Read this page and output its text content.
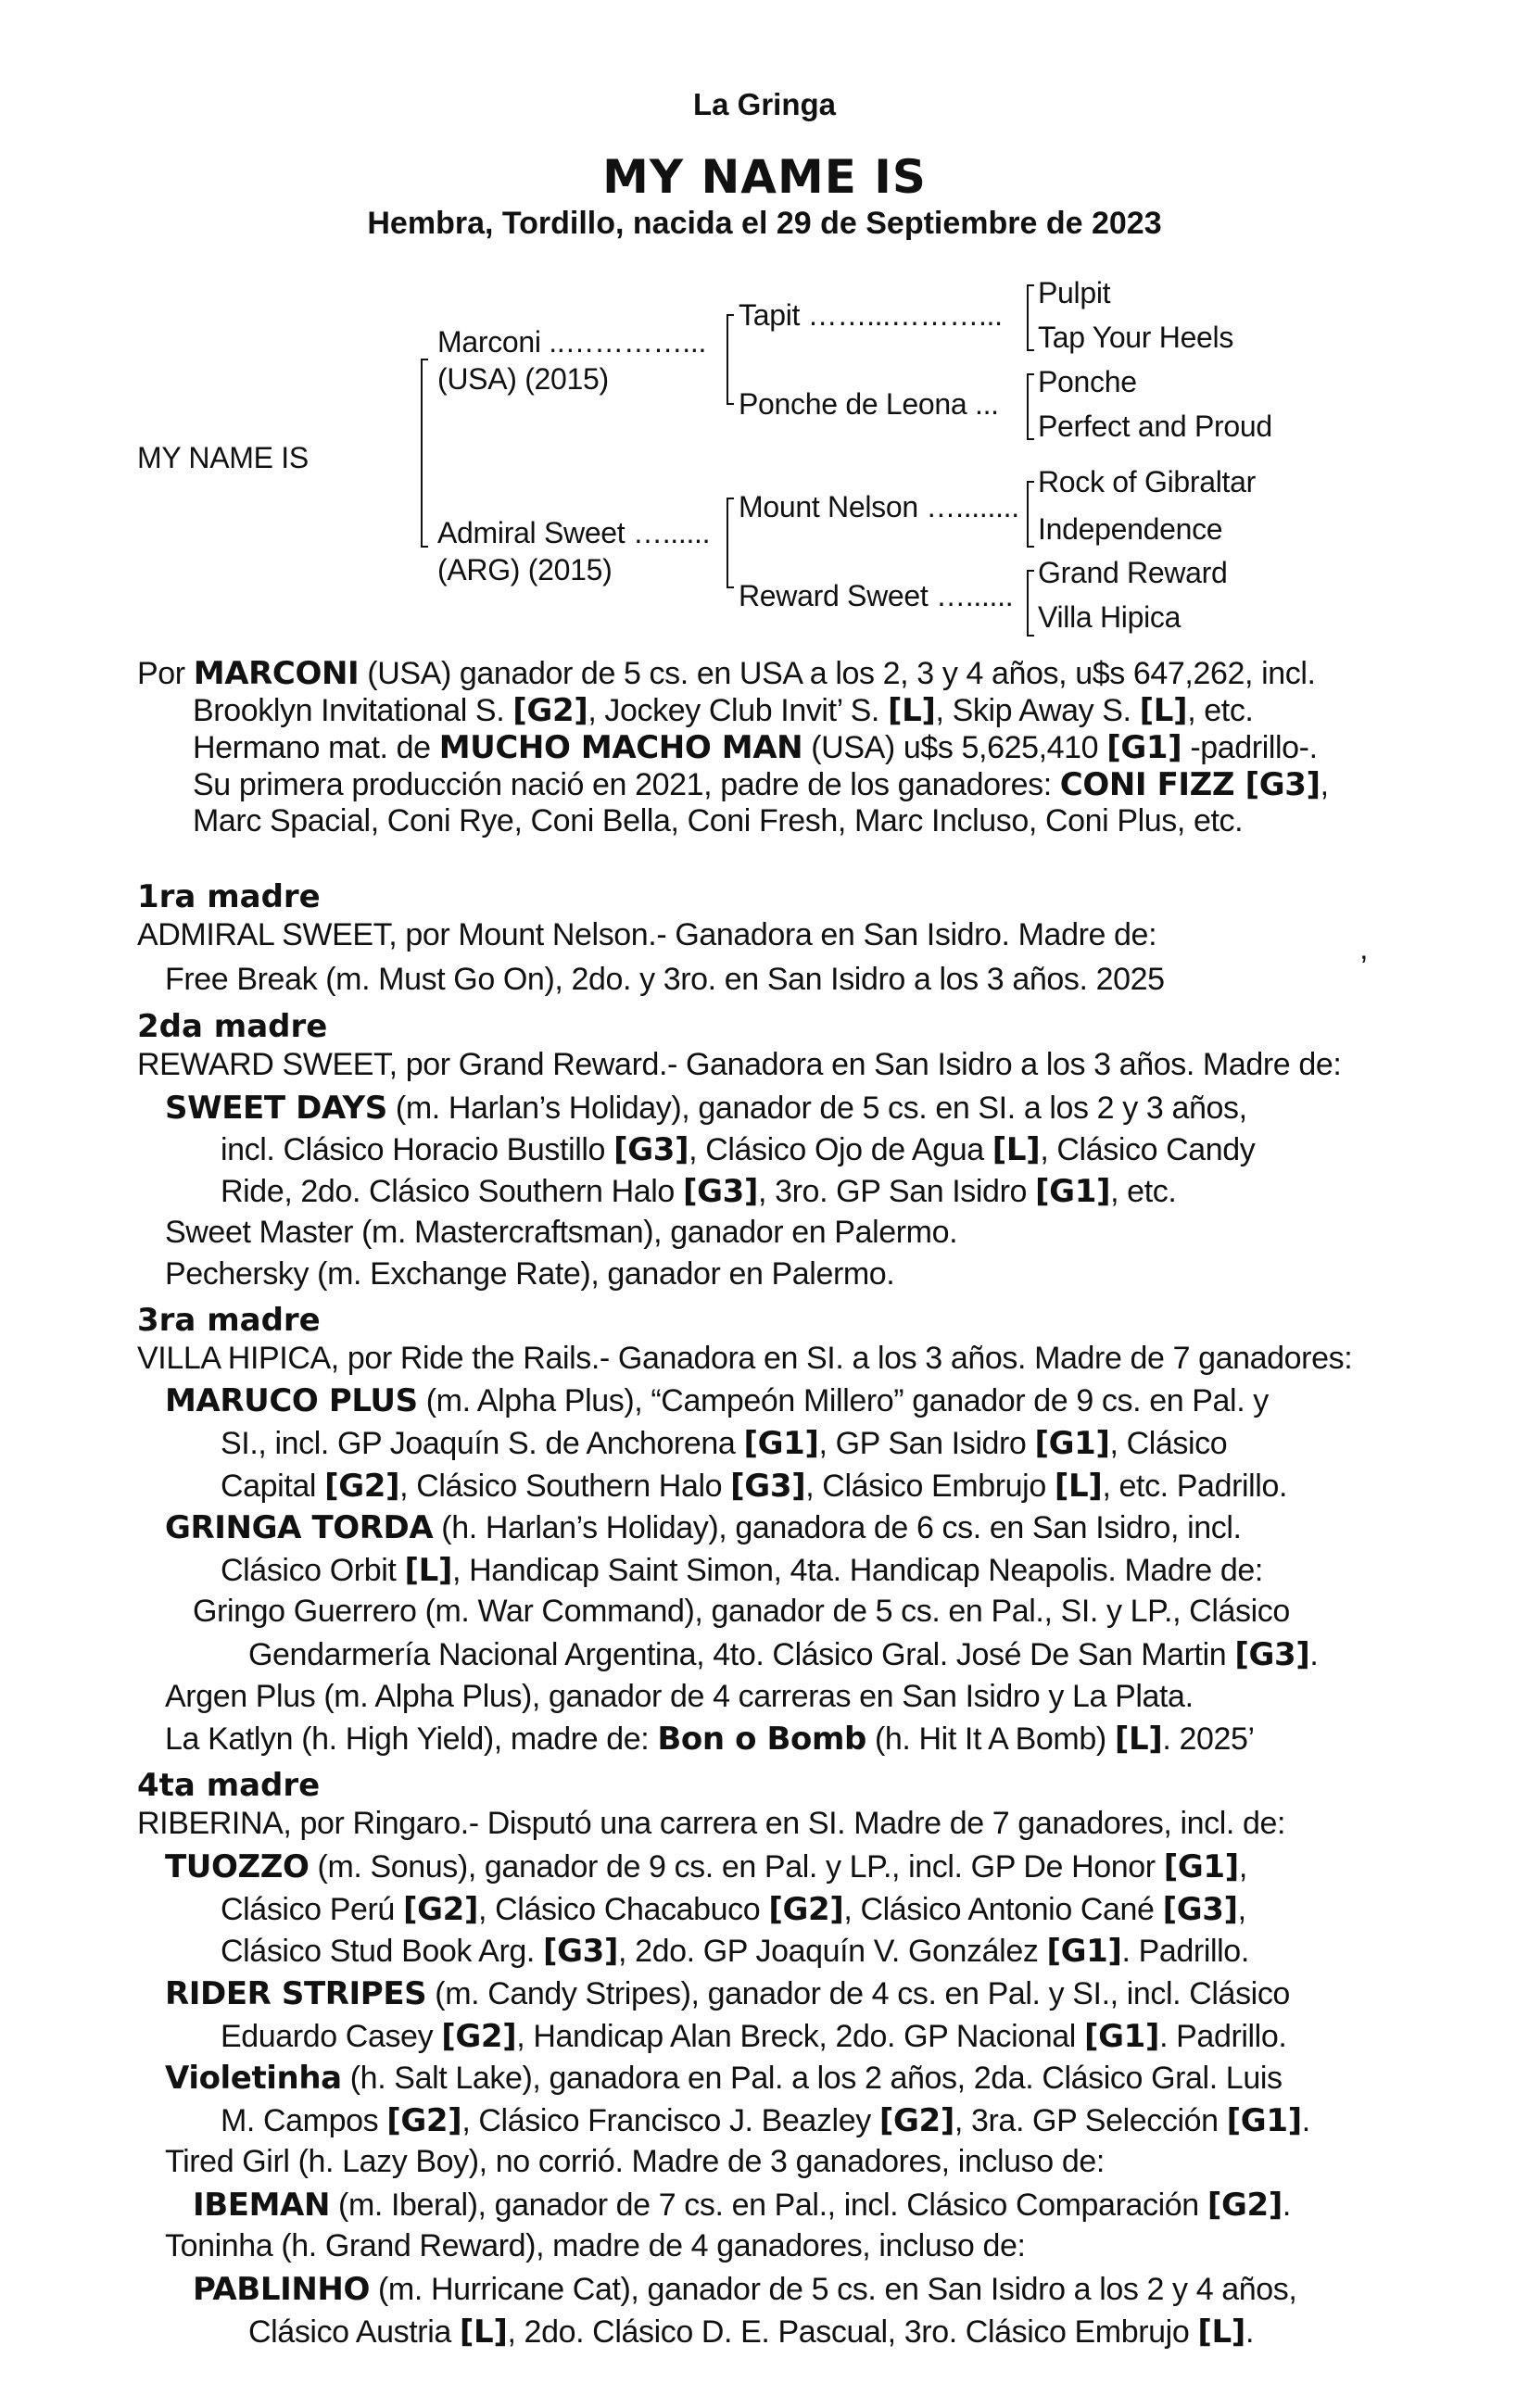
La Gringa
MY NAME IS
Hembra, Tordillo, nacida el 29 de Septiembre de 2023
MY NAME IS
Marconi ..…………...
(USA) (2015)
Admiral Sweet …......
(ARG) (2015)
Tapit ……...………...
Ponche de Leona ...
Mount Nelson …........
Reward Sweet …......
Pulpit
Tap Your Heels
Ponche
Perfect and Proud
Rock of Gibraltar
Independence
Grand Reward
Villa Hipica
Por MARCONI (USA) ganador de 5 cs. en USA a los 2, 3 y 4 años, u$s 647,262, incl.
Brooklyn Invitational S. [G2], Jockey Club Invit’ S. [L], Skip Away S. [L], etc.
Hermano mat. de MUCHO MACHO MAN (USA) u$s 5,625,410 [G1] -padrillo-.
Su primera producción nació en 2021, padre de los ganadores: CONI FIZZ [G3],
Marc Spacial, Coni Rye, Coni Bella, Coni Fresh, Marc Incluso, Coni Plus, etc.
1ra madre
ADMIRAL SWEET, por Mount Nelson.- Ganadora en San Isidro. Madre de:
Free Break (m. Must Go On), 2do. y 3ro. en San Isidro a los 3 años. 2025	’
2da madre
REWARD SWEET, por Grand Reward.- Ganadora en San Isidro a los 3 años. Madre de:
SWEET DAYS (m. Harlan’s Holiday), ganador de 5 cs. en SI. a los 2 y 3 años,
incl. Clásico Horacio Bustillo [G3], Clásico Ojo de Agua [L], Clásico Candy
Ride, 2do. Clásico Southern Halo [G3], 3ro. GP San Isidro [G1], etc.
Sweet Master (m. Mastercraftsman), ganador en Palermo.
Pechersky (m. Exchange Rate), ganador en Palermo.
3ra madre
VILLA HIPICA, por Ride the Rails.- Ganadora en SI. a los 3 años. Madre de 7 ganadores:
MARUCO PLUS (m. Alpha Plus), “Campeón Millero” ganador de 9 cs. en Pal. y
SI., incl. GP Joaquín S. de Anchorena [G1], GP San Isidro [G1], Clásico
Capital [G2], Clásico Southern Halo [G3], Clásico Embrujo [L], etc. Padrillo.
GRINGA TORDA (h. Harlan’s Holiday), ganadora de 6 cs. en San Isidro, incl.
Clásico Orbit [L], Handicap Saint Simon, 4ta. Handicap Neapolis. Madre de:
Gringo Guerrero (m. War Command), ganador de 5 cs. en Pal., SI. y LP., Clásico
Gendarmería Nacional Argentina, 4to. Clásico Gral. José De San Martin [G3].
Argen Plus (m. Alpha Plus), ganador de 4 carreras en San Isidro y La Plata.
La Katlyn (h. High Yield), madre de: Bon o Bomb (h. Hit It A Bomb) [L]. 2025’
4ta madre
RIBERINA, por Ringaro.- Disputó una carrera en SI. Madre de 7 ganadores, incl. de:
TUOZZO (m. Sonus), ganador de 9 cs. en Pal. y LP., incl. GP De Honor [G1],
Clásico Perú [G2], Clásico Chacabuco [G2], Clásico Antonio Cané [G3],
Clásico Stud Book Arg. [G3], 2do. GP Joaquín V. González [G1]. Padrillo.
RIDER STRIPES (m. Candy Stripes), ganador de 4 cs. en Pal. y SI., incl. Clásico
Eduardo Casey [G2], Handicap Alan Breck, 2do. GP Nacional [G1]. Padrillo.
Violetinha (h. Salt Lake), ganadora en Pal. a los 2 años, 2da. Clásico Gral. Luis
M. Campos [G2], Clásico Francisco J. Beazley [G2], 3ra. GP Selección [G1].
Tired Girl (h. Lazy Boy), no corrió. Madre de 3 ganadores, incluso de:
IBEMAN (m. Iberal), ganador de 7 cs. en Pal., incl. Clásico Comparación [G2].
Toninha (h. Grand Reward), madre de 4 ganadores, incluso de:
PABLINHO (m. Hurricane Cat), ganador de 5 cs. en San Isidro a los 2 y 4 años,
Clásico Austria [L], 2do. Clásico D. E. Pascual, 3ro. Clásico Embrujo [L].
